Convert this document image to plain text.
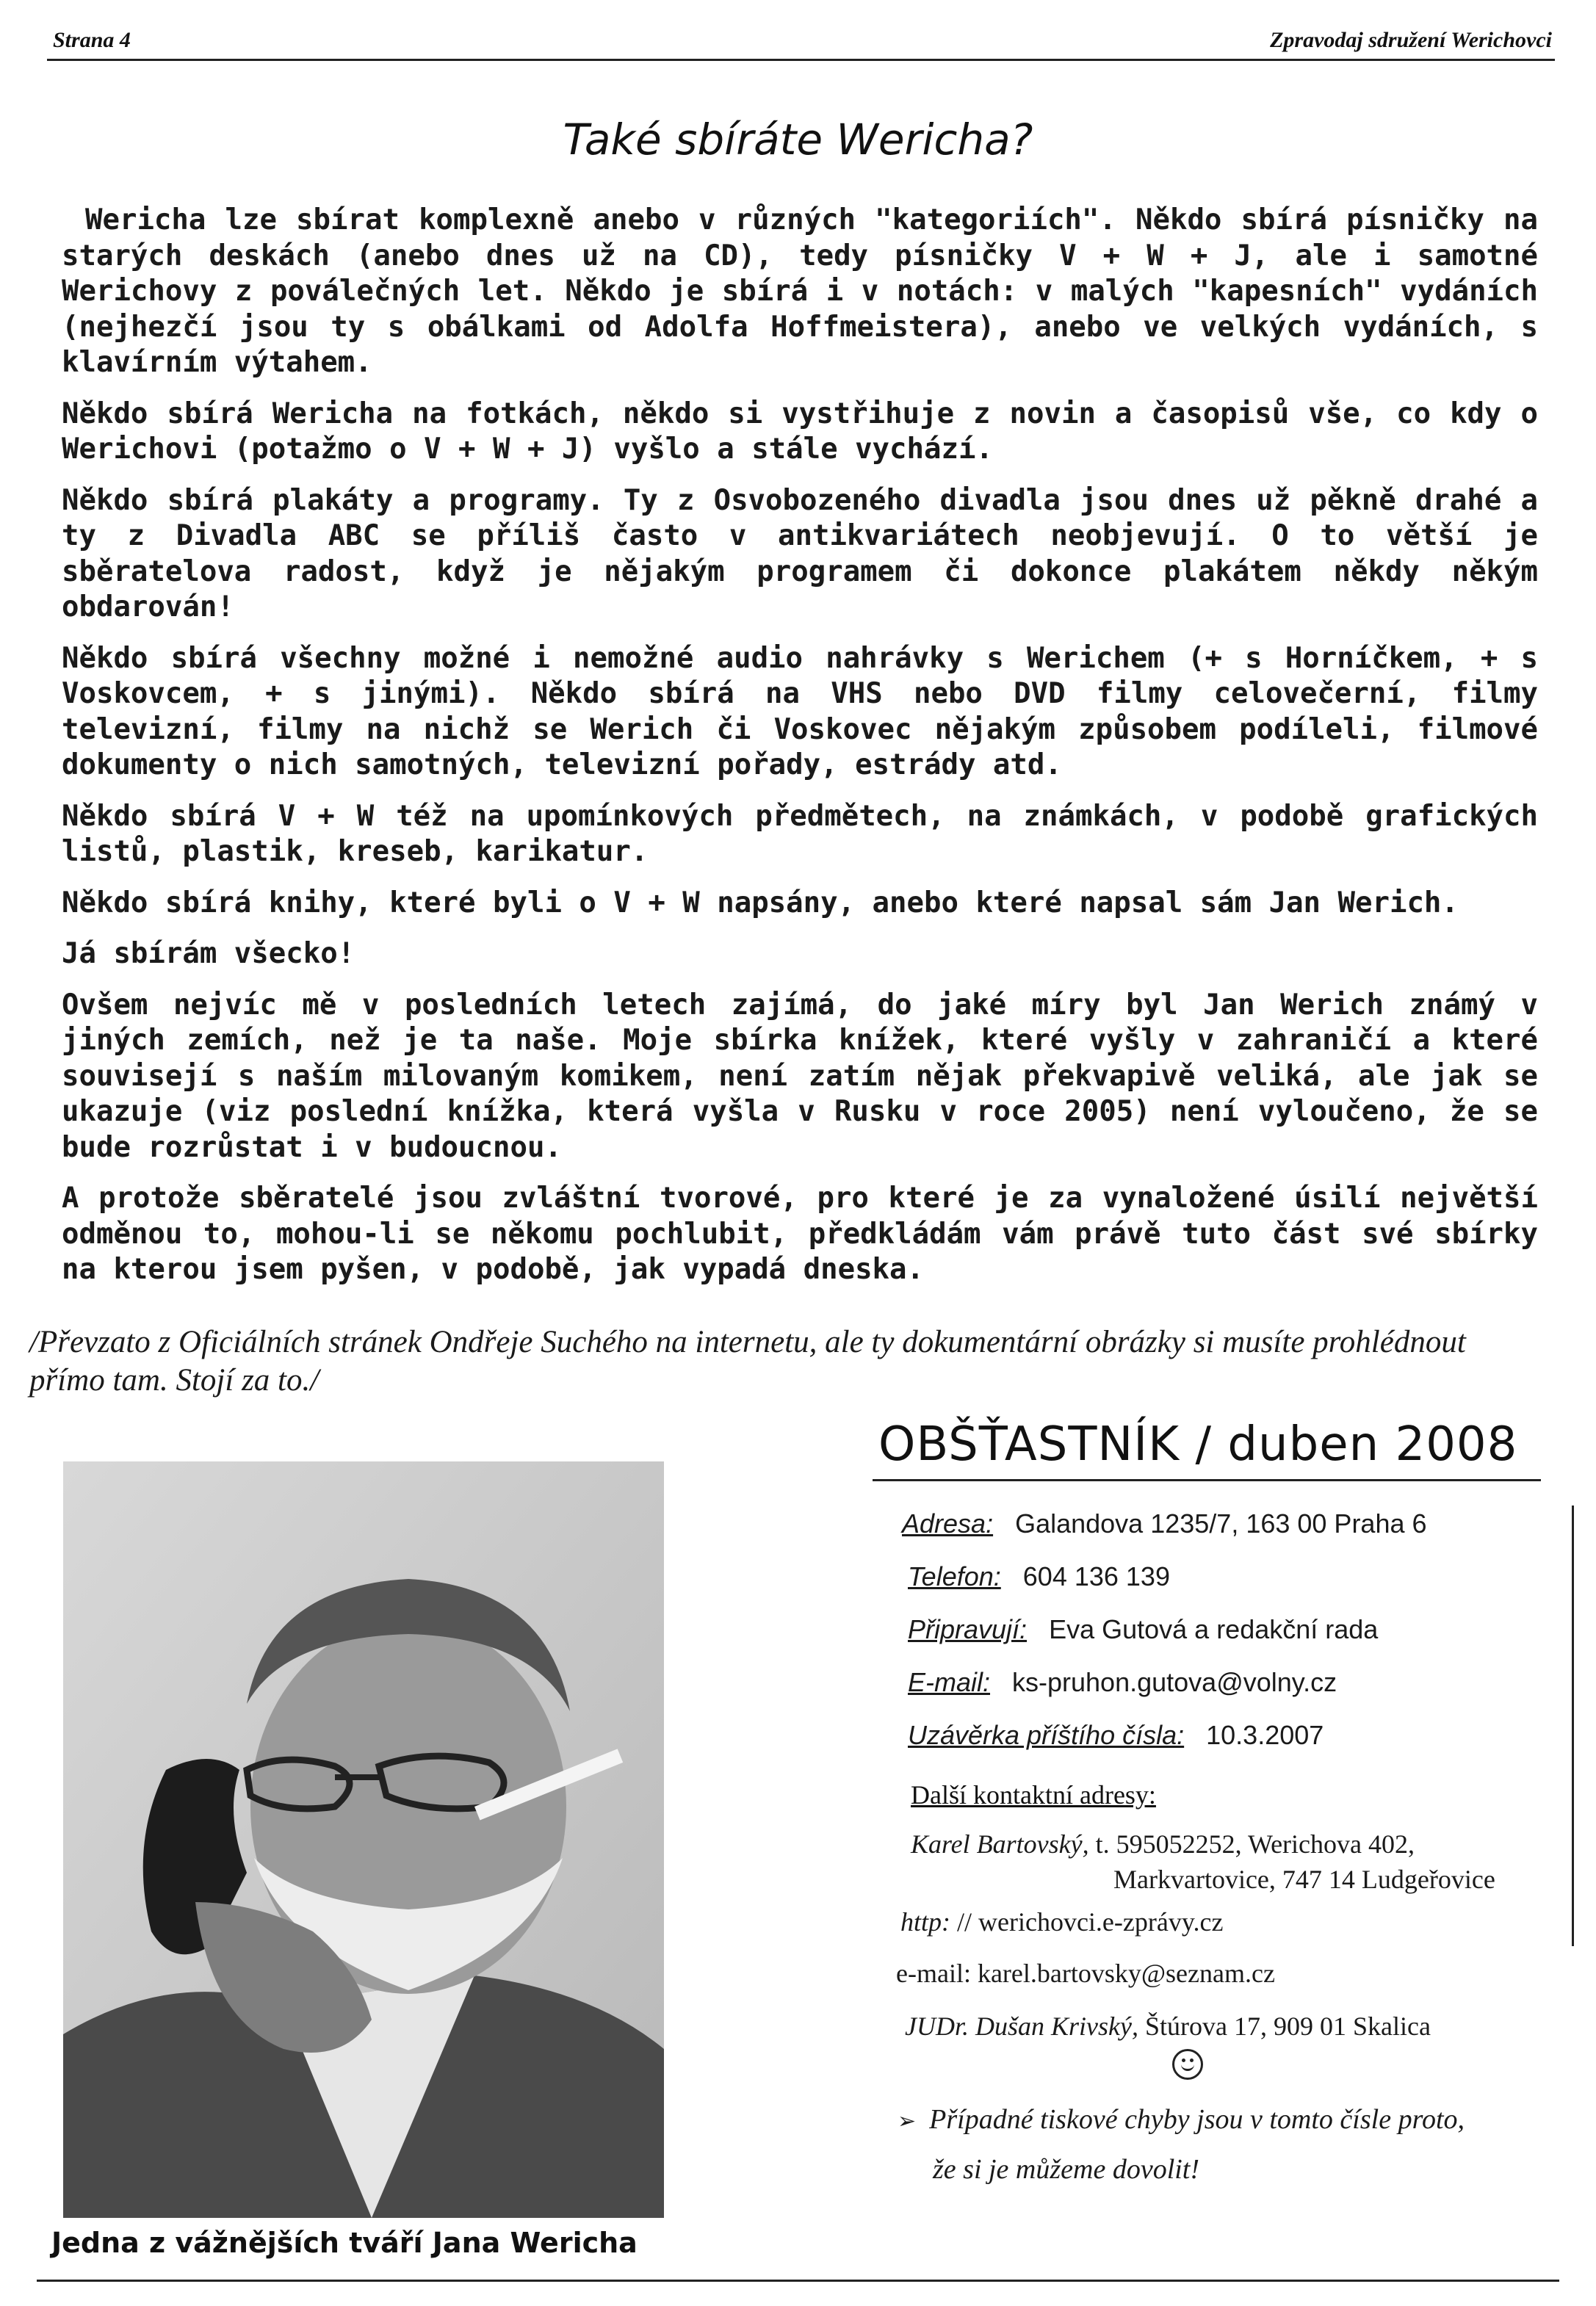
Strana 4	Zpravodaj sdružení Werichovci
Také sbíráte Wericha?

Wericha lze sbírat komplexně anebo v různých "kategoriích". Někdo sbírá písničky na starých deskách (anebo dnes už na CD), tedy písničky V + W + J, ale i samotné Werichovy z poválečných let. Někdo je sbírá i v notách: v malých "kapesních" vydáních (nejhezčí jsou ty s obálkami od Adolfa Hoffmeistera), anebo ve velkých vydáních, s klavírním výtahem.

Někdo sbírá Wericha na fotkách, někdo si vystřihuje z novin a časopisů vše, co kdy o Werichovi (potažmo o V + W + J) vyšlo a stále vychází.

Někdo sbírá plakáty a programy. Ty z Osvobozeného divadla jsou dnes už pěkně drahé a ty z Divadla ABC se příliš často v antikvariátech neobjevují. O to větší je sběratelova radost, když je nějakým programem či dokonce plakátem někdy někým obdarován!

Někdo sbírá všechny možné i nemožné audio nahrávky s Werichem (+ s Horníčkem, + s Voskovcem, + s jinými). Někdo sbírá na VHS nebo DVD filmy celovečerní, filmy televizní, filmy na nichž se Werich či Voskovec nějakým způsobem podíleli, filmové dokumenty o nich samotných, televizní pořady, estrády atd.

Někdo sbírá V + W též na upomínkových předmětech, na známkách, v podobě grafických listů, plastik, kreseb, karikatur.

Někdo sbírá knihy, které byli o V + W napsány, anebo které napsal sám Jan Werich.

Já sbírám všecko!

Ovšem nejvíc mě v posledních letech zajímá, do jaké míry byl Jan Werich známý v jiných zemích, než je ta naše. Moje sbírka knížek, které vyšly v zahraničí a které souvisejí s naším milovaným komikem, není zatím nějak překvapivě veliká, ale jak se ukazuje (viz poslední knížka, která vyšla v Rusku v roce 2005) není vyloučeno, že se bude rozrůstat i v budoucnou.

A protože sběratelé jsou zvláštní tvorové, pro které je za vynaložené úsilí největší odměnou to, mohou-li se někomu pochlubit, předkládám vám právě tuto část své sbírky na kterou jsem pyšen, v podobě, jak vypadá dneska.

/Převzato z Oficiálních stránek Ondřeje Suchého na internetu, ale ty dokumentární obrázky si musíte prohlédnout přímo tam. Stojí za to./
Jedna z vážnějších tváří Jana Wericha
OBŠŤASTNÍK / duben 2008
Adresa: Galandova 1235/7, 163 00 Praha 6
Telefon: 604 136 139
Připravují: Eva Gutová a redakční rada
E-mail: ks-pruhon.gutova@volny.cz
Uzávěrka příštího čísla: 10.3.2007
Další kontaktní adresy:
Karel Bartovský, t. 595052252, Werichova 402,
Markvartovice, 747 14 Ludgeřovice
http: // werichovci.e-zprávy.cz
e-mail: karel.bartovsky@seznam.cz
JUDr. Dušan Krivský, Štúrova 17, 909 01 Skalica
➢ Případné tiskové chyby jsou v tomto čísle proto,
že si je můžeme dovolit!
